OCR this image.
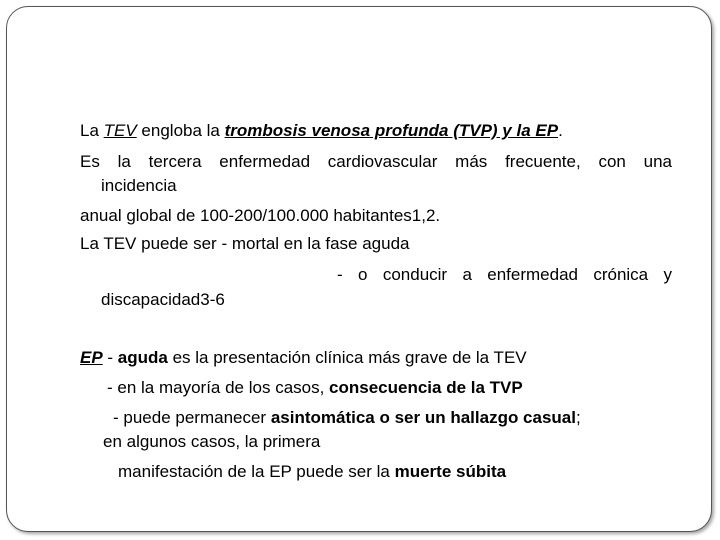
La TEV engloba la trombosis venosa profunda (TVP) y la EP.
Es la tercera enfermedad cardiovascular más frecuente, con una
incidencia
anual global de 100-200/100.000 habitantes1,2.
La TEV puede ser - mortal en la fase aguda
- o conducir a enfermedad crónica y
discapacidad3-6
EP - aguda es la presentación clínica más grave de la TEV
- en la mayoría de los casos, consecuencia de la TVP
- puede permanecer asintomática o ser un hallazgo casual;
en algunos casos, la primera
manifestación de la EP puede ser la muerte súbita
